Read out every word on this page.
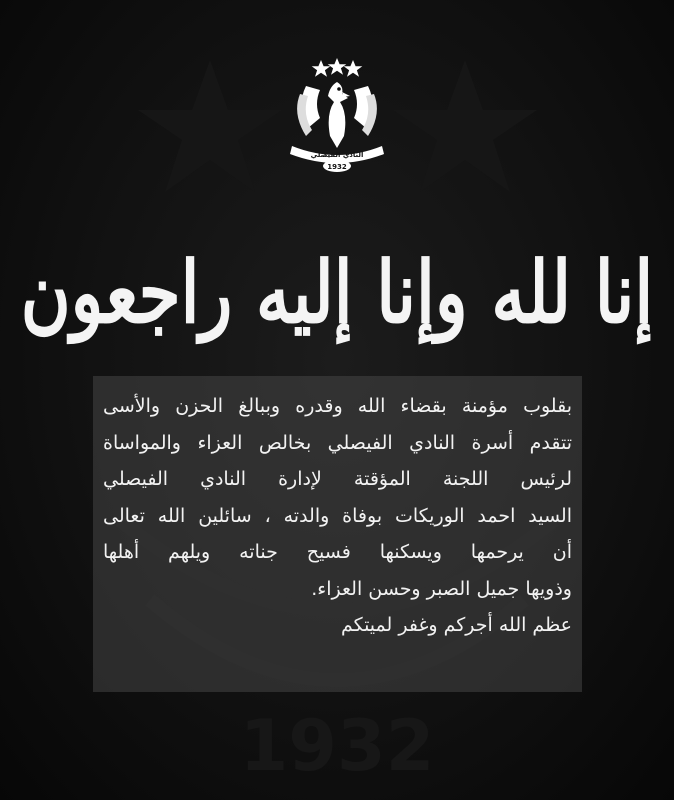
1932
النادي الفيصلي
1932
إنا لله وإنا إليه راجعون
بقلوب مؤمنة بقضاء الله وقدره وببالغ الحزن والأسى
تتقدم أسرة النادي الفيصلي بخالص العزاء والمواساة
لرئيس اللجنة المؤقتة لإدارة النادي الفيصلي
السيد احمد الوريكات بوفاة والدته ، سائلين الله تعالى
أن يرحمها ويسكنها فسيح جناته ويلهم أهلها
وذويها جميل الصبر وحسن العزاء.
عظم الله أجركم وغفر لميتكم
